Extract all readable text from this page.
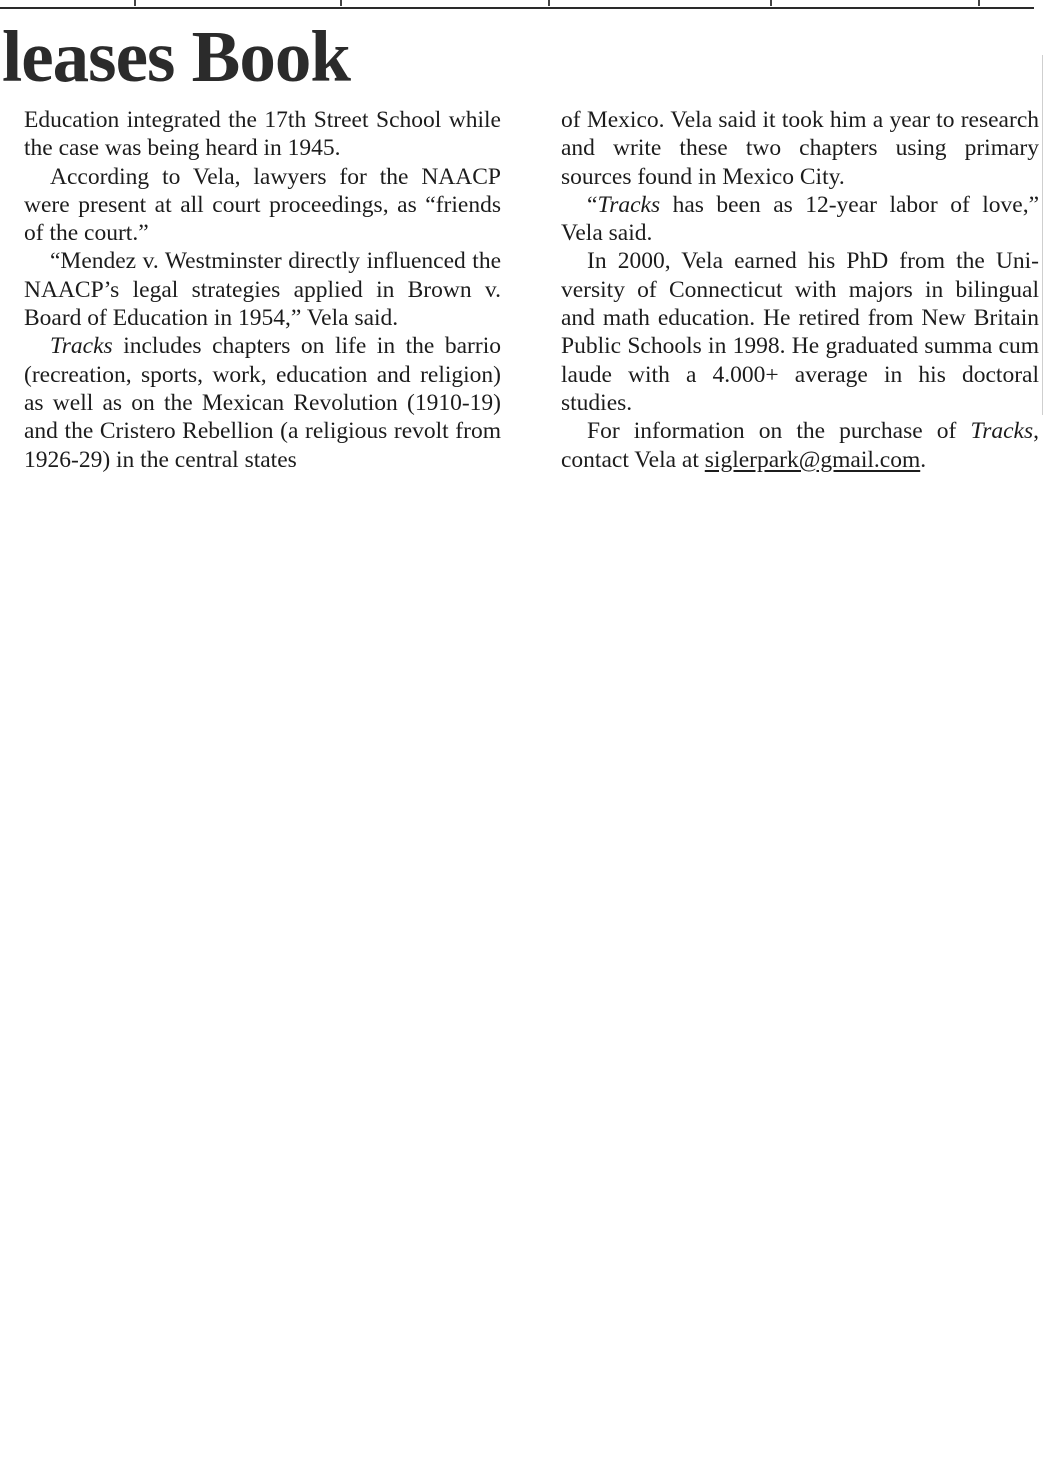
leases Book

Education integrated the 17th Street School while the case was being heard in 1945.

According to Vela, lawyers for the NAACP were present at all court proceedings, as “friends of the court.”

“Mendez v. Westminster directly influenced the NAACP’s legal strategies applied in Brown v. Board of Education in 1954,” Vela said.

Tracks includes chapters on life in the barrio (recreation, sports, work, education and religion) as well as on the Mexican Revolution (1910-19) and the Cristero Rebellion (a religious revolt from 1926-29) in the central states

of Mexico. Vela said it took him a year to research and write these two chapters using primary sources found in Mexico City.

“Tracks has been as 12-year labor of love,” Vela said.

In 2000, Vela earned his PhD from the University of Connecticut with majors in bilingual and math education. He retired from New Britain Public Schools in 1998. He graduated summa cum laude with a 4.000+ average in his doctoral studies.

For information on the purchase of Tracks, contact Vela at siglerpark@gmail.com.
